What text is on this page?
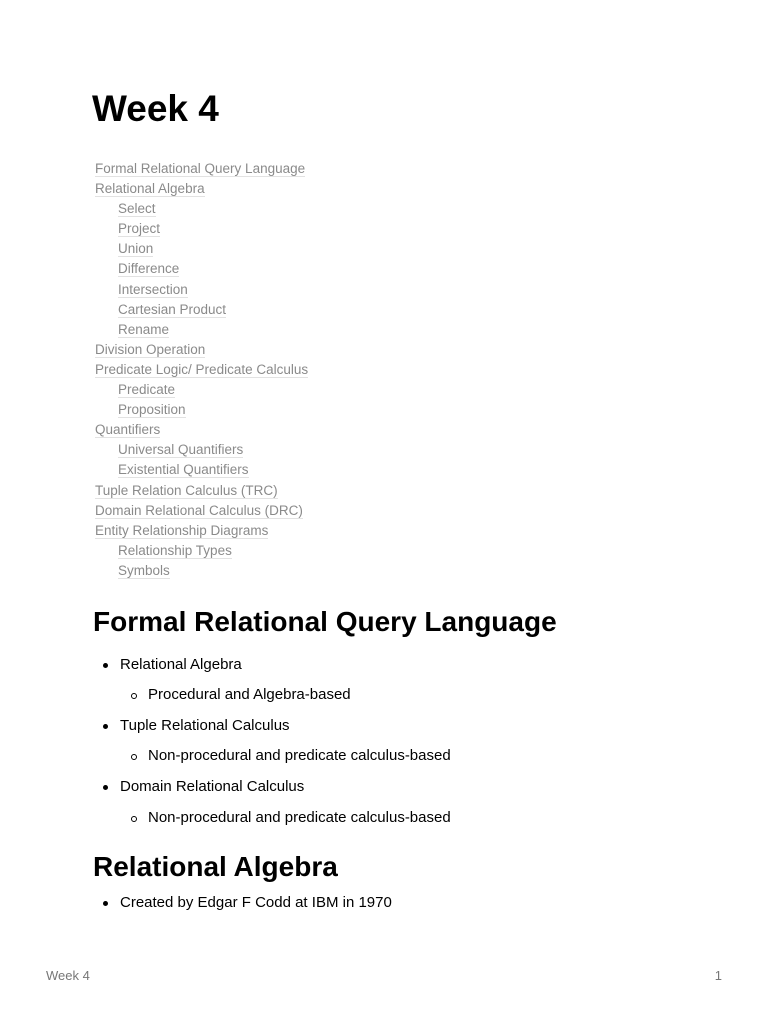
Week 4
Formal Relational Query Language
Relational Algebra
Select
Project
Union
Difference
Intersection
Cartesian Product
Rename
Division Operation
Predicate Logic/ Predicate Calculus
Predicate
Proposition
Quantifiers
Universal Quantifiers
Existential Quantifiers
Tuple Relation Calculus (TRC)
Domain Relational Calculus (DRC)
Entity Relationship Diagrams
Relationship Types
Symbols
Formal Relational Query Language
Relational Algebra
Procedural and Algebra-based
Tuple Relational Calculus
Non-procedural and predicate calculus-based
Domain Relational Calculus
Non-procedural and predicate calculus-based
Relational Algebra
Created by Edgar F Codd at IBM in 1970
Week 4	1
